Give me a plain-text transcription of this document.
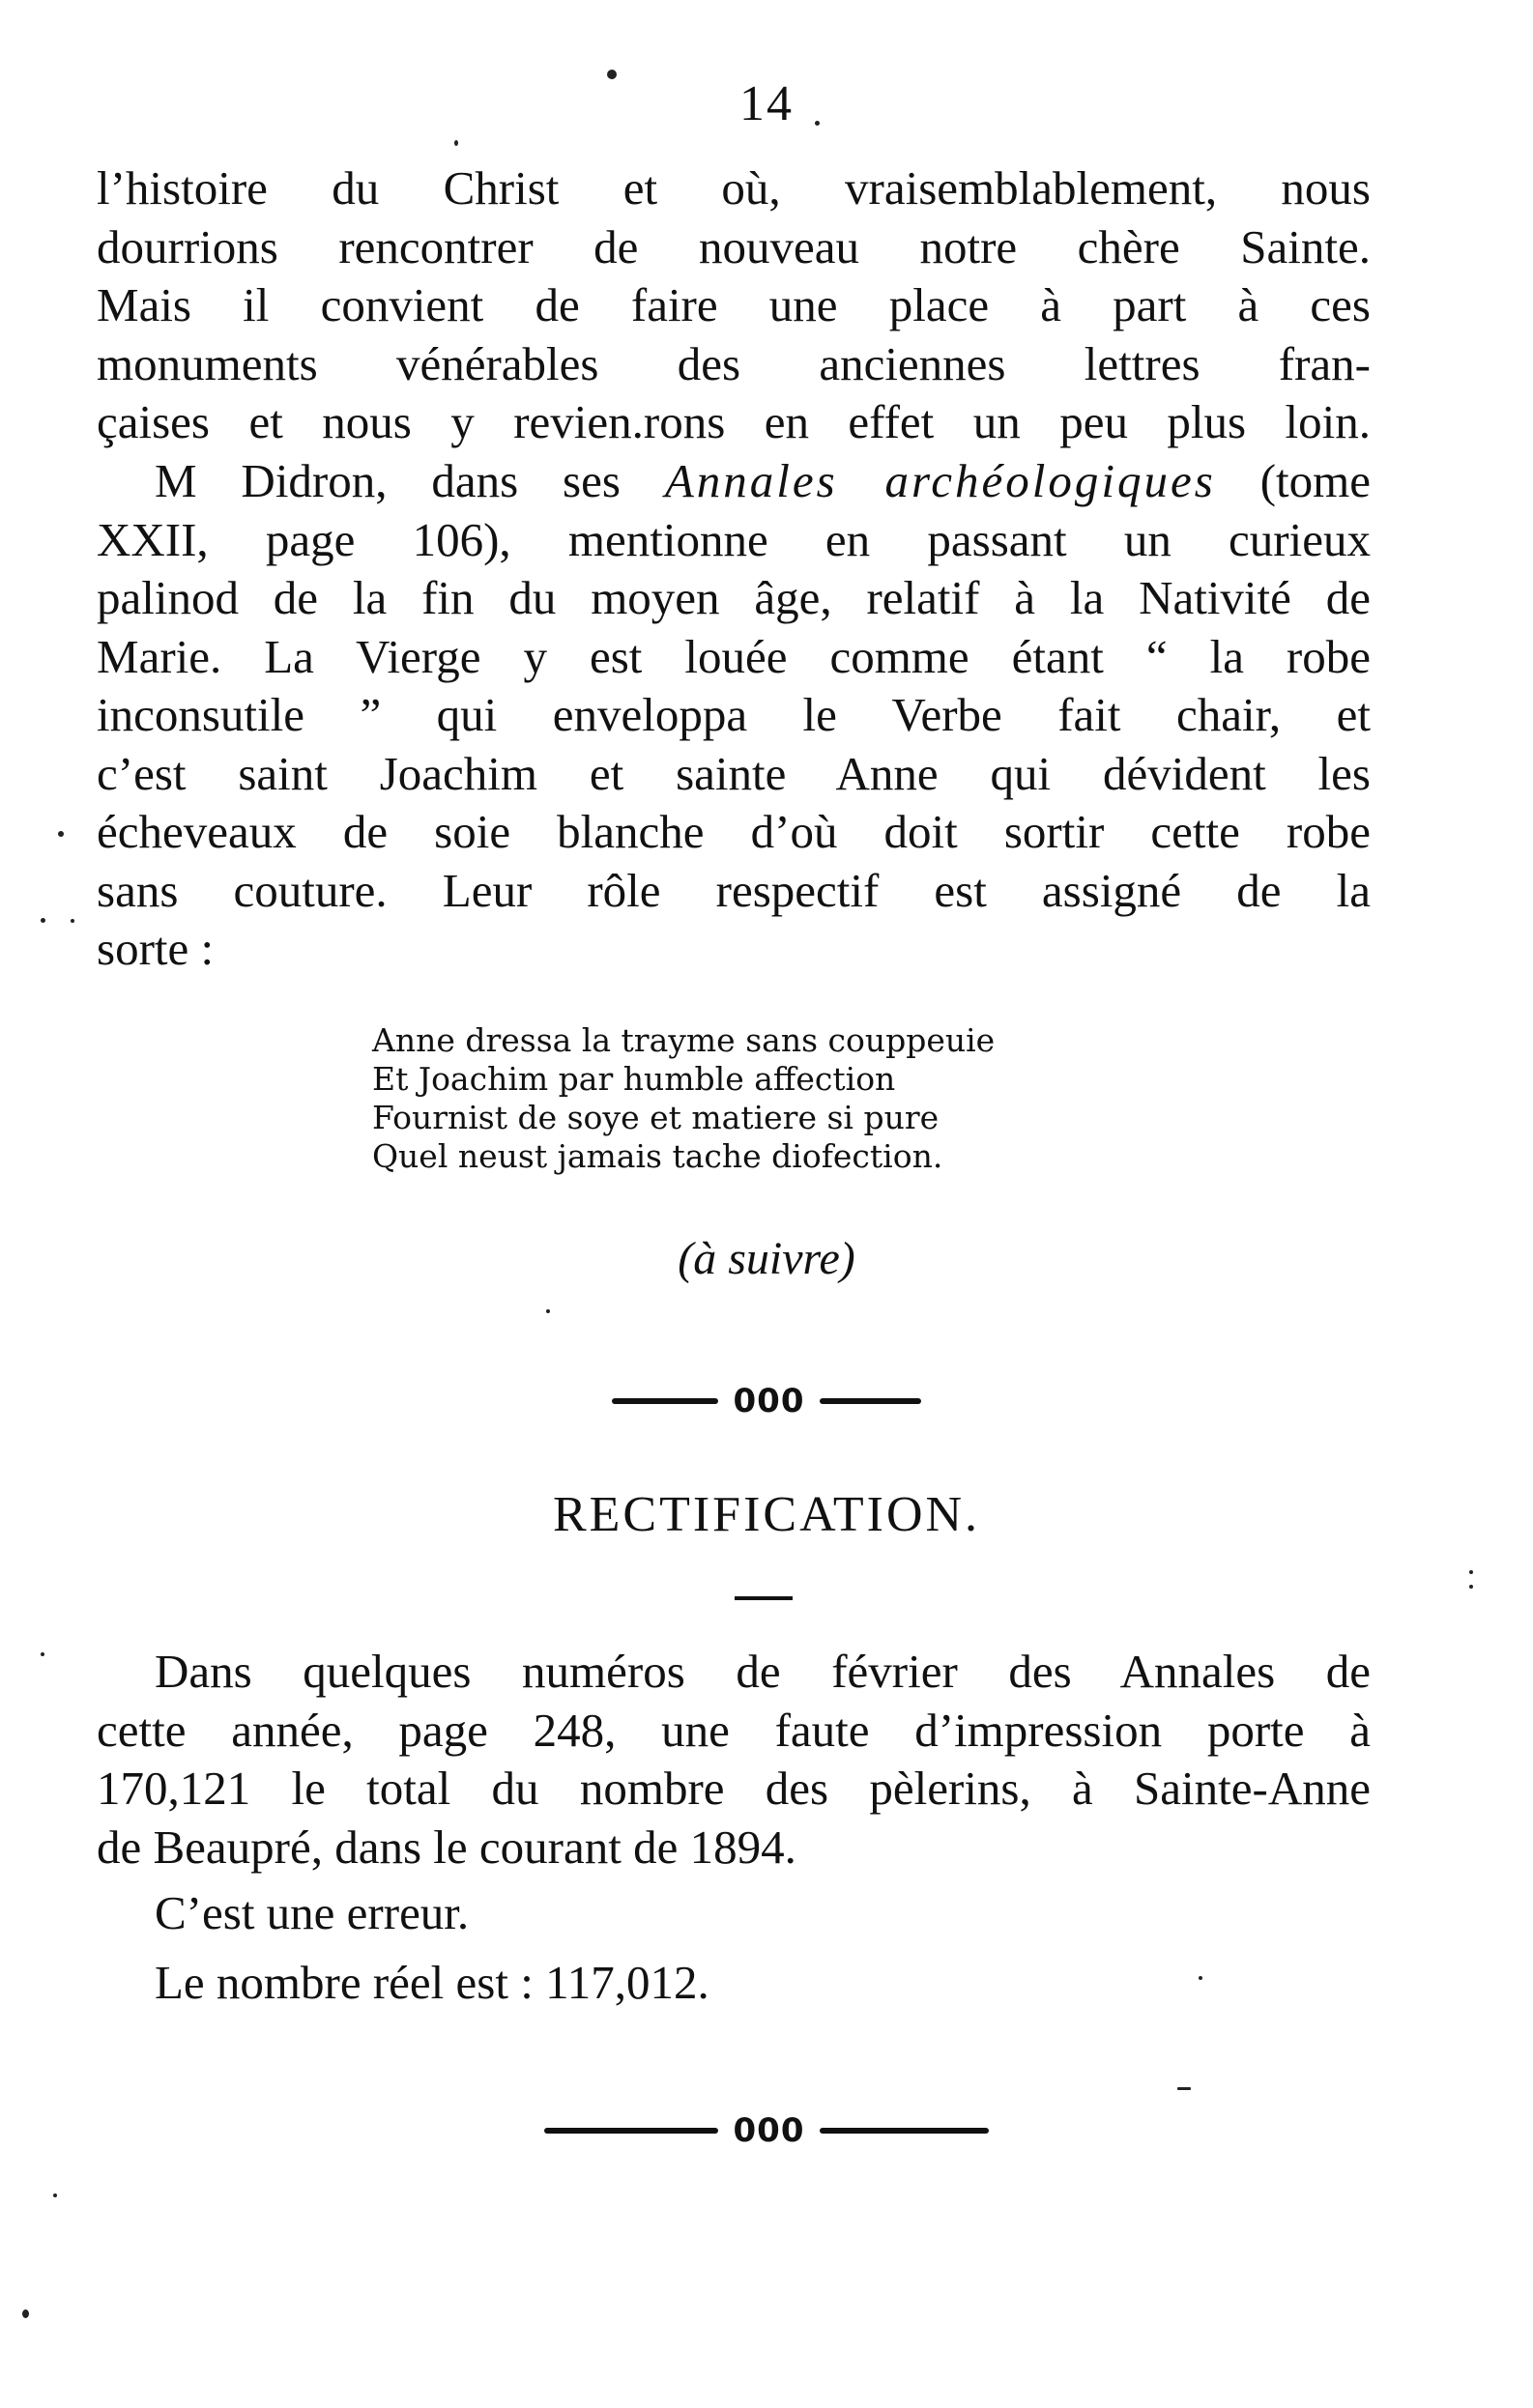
14
l’histoire du Christ et où, vraisemblablement, nous
dourrions rencontrer de nouveau notre chère Sainte.
Mais il convient de faire une place à part à ces
monuments vénérables des anciennes lettres fran-
çaises et nous y revien.rons en effet un peu plus loin.
M Didron, dans ses Annales archéologiques (tome
XXII, page 106), mentionne en passant un curieux
palinod de la fin du moyen âge, relatif à la Nativité de
Marie. La Vierge y est louée comme étant “ la robe
inconsutile ” qui enveloppa le Verbe fait chair, et
c’est saint Joachim et sainte Anne qui dévident les
écheveaux de soie blanche d’où doit sortir cette robe
sans couture. Leur rôle respectif est assigné de la
sorte :
Anne dressa la trayme sans couppeuie
Et Joachim par humble affection
Fournist de soye et matiere si pure
Quel neust jamais tache diofection.
(à suivre)
000
RECTIFICATION.
Dans quelques numéros de février des Annales de
cette année, page 248, une faute d’impression porte à
170,121 le total du nombre des pèlerins, à Sainte-Anne
de Beaupré, dans le courant de 1894.
C’est une erreur.
Le nombre réel est : 117,012.
000
